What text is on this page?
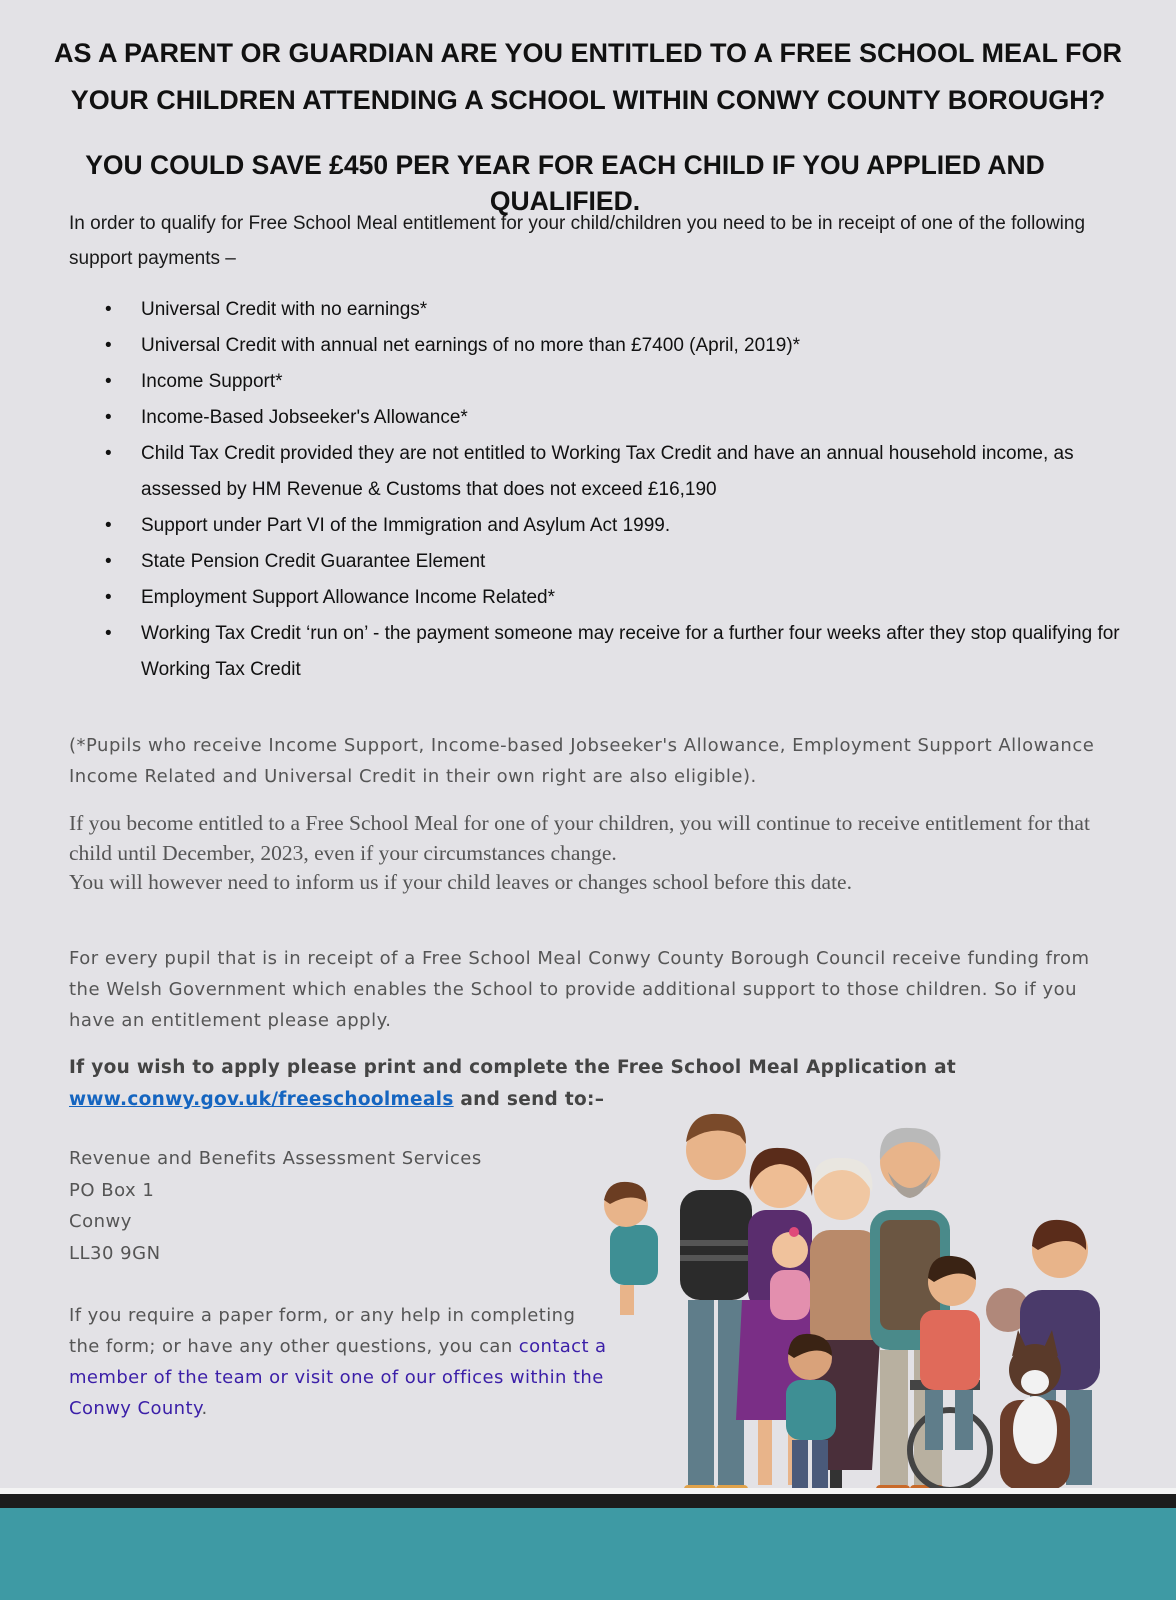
AS A PARENT OR GUARDIAN ARE YOU ENTITLED TO A FREE SCHOOL MEAL FOR YOUR CHILDREN ATTENDING A SCHOOL WITHIN CONWY COUNTY BOROUGH?
YOU COULD SAVE £450 PER YEAR FOR EACH CHILD IF YOU APPLIED AND QUALIFIED.
In order to qualify for Free School Meal entitlement for your child/children you need to be in receipt of one of the following support payments –
• Universal Credit with no earnings*
• Universal Credit with annual net earnings of no more than £7400 (April, 2019)*
• Income Support*
• Income-Based Jobseeker's Allowance*
• Child Tax Credit provided they are not entitled to Working Tax Credit and have an annual household income, as assessed by HM Revenue & Customs that does not exceed £16,190
• Support under Part VI of the Immigration and Asylum Act 1999.
• State Pension Credit Guarantee Element
• Employment Support Allowance Income Related*
• Working Tax Credit ‘run on’ - the payment someone may receive for a further four weeks after they stop qualifying for Working Tax Credit
(*Pupils who receive Income Support, Income-based Jobseeker's Allowance, Employment Support Allowance Income Related and Universal Credit in their own right are also eligible).
If you become entitled to a Free School Meal for one of your children, you will continue to receive entitlement for that child until December, 2023, even if your circumstances change.
You will however need to inform us if your child leaves or changes school before this date.
For every pupil that is in receipt of a Free School Meal Conwy County Borough Council receive funding from the Welsh Government which enables the School to provide additional support to those children. So if you have an entitlement please apply.
If you wish to apply please print and complete the Free School Meal Application at
www.conwy.gov.uk/freeschoolmeals and send to:–
Revenue and Benefits Assessment Services
PO Box 1
Conwy
LL30 9GN
If you require a paper form, or any help in completing the form; or have any other questions, you can contact a member of the team or visit one of our offices within the Conwy County.
